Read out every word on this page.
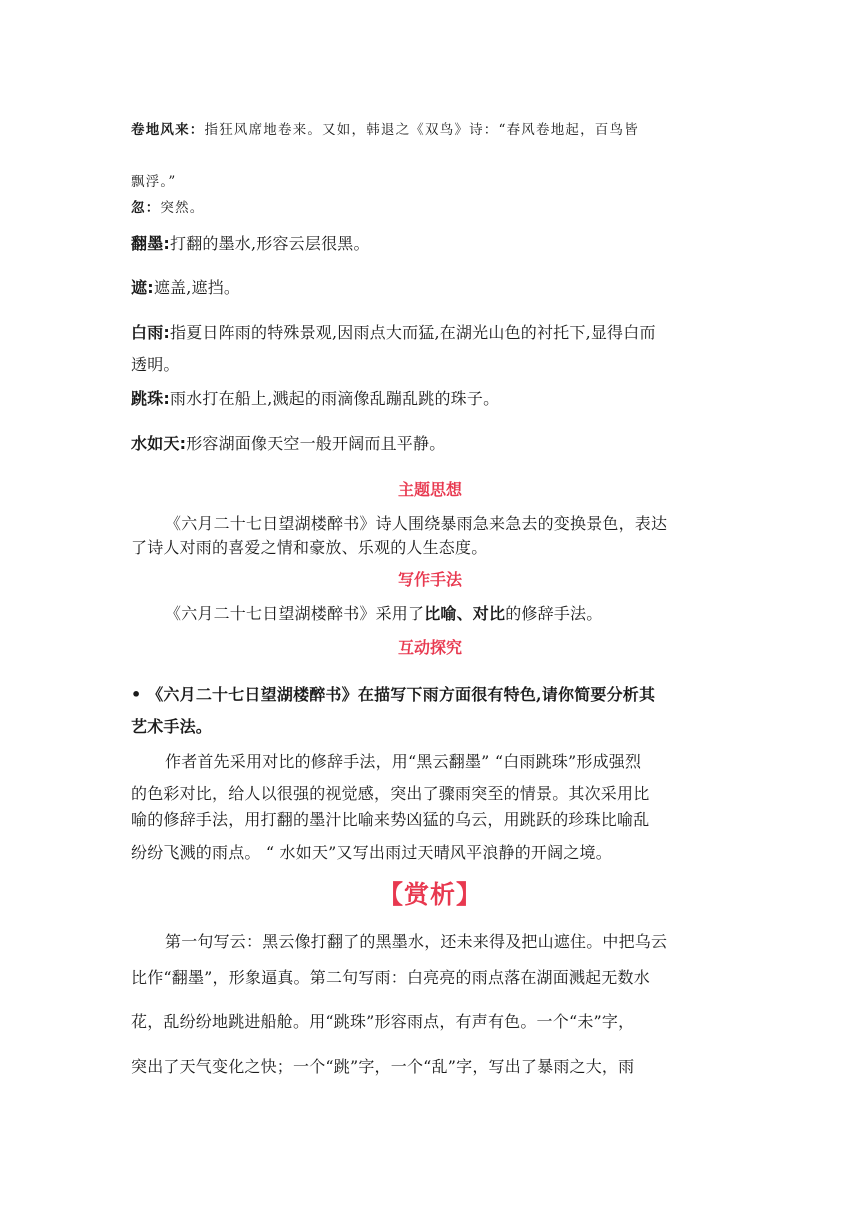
卷地风来：指狂风席地卷来。又如，韩退之《双鸟》诗：“春风卷地起，百鸟皆
飘浮。”
忽：突然。
翻墨:打翻的墨水,形容云层很黑。
遮:遮盖,遮挡。
白雨:指夏日阵雨的特殊景观,因雨点大而猛,在湖光山色的衬托下,显得白而
透明。
跳珠:雨水打在船上,溅起的雨滴像乱蹦乱跳的珠子。
水如天:形容湖面像天空一般开阔而且平静。
主题思想
《六月二十七日望湖楼醉书》诗人围绕暴雨急来急去的变换景色，表达
了诗人对雨的喜爱之情和豪放、乐观的人生态度。
写作手法
《六月二十七日望湖楼醉书》采用了比喻、对比的修辞手法。
互动探究
• 《六月二十七日望湖楼醉书》在描写下雨方面很有特色,请你简要分析其
艺术手法。
作者首先采用对比的修辞手法，用“黑云翻墨” “白雨跳珠”形成强烈
的色彩对比，给人以很强的视觉感，突出了骤雨突至的情景。其次采用比
喻的修辞手法，用打翻的墨汁比喻来势凶猛的乌云，用跳跃的珍珠比喻乱
纷纷飞溅的雨点。 “ 水如天”又写出雨过天晴风平浪静的开阔之境。
【赏析】
第一句写云：黑云像打翻了的黑墨水，还未来得及把山遮住。中把乌云
比作“翻墨”，形象逼真。第二句写雨：白亮亮的雨点落在湖面溅起无数水
花，乱纷纷地跳进船舱。用“跳珠”形容雨点，有声有色。一个“未”字，
突出了天气变化之快；一个“跳”字，一个“乱”字，写出了暴雨之大，雨
